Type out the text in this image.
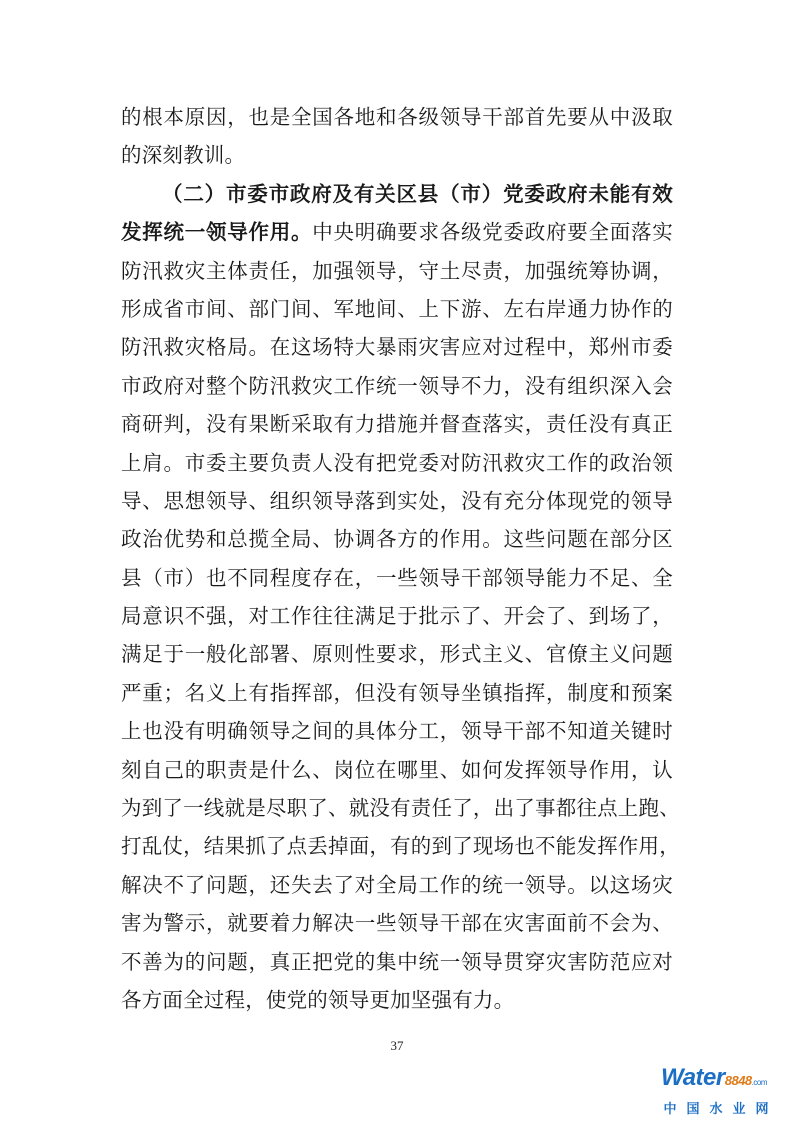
的根本原因，也是全国各地和各级领导干部首先要从中汲取
的深刻教训。
（二）市委市政府及有关区县（市）党委政府未能有效
发挥统一领导作用。中央明确要求各级党委政府要全面落实
防汛救灾主体责任，加强领导，守土尽责，加强统筹协调，
形成省市间、部门间、军地间、上下游、左右岸通力协作的
防汛救灾格局。在这场特大暴雨灾害应对过程中，郑州市委
市政府对整个防汛救灾工作统一领导不力，没有组织深入会
商研判，没有果断采取有力措施并督查落实，责任没有真正
上肩。市委主要负责人没有把党委对防汛救灾工作的政治领
导、思想领导、组织领导落到实处，没有充分体现党的领导
政治优势和总揽全局、协调各方的作用。这些问题在部分区
县（市）也不同程度存在，一些领导干部领导能力不足、全
局意识不强，对工作往往满足于批示了、开会了、到场了，
满足于一般化部署、原则性要求，形式主义、官僚主义问题
严重；名义上有指挥部，但没有领导坐镇指挥，制度和预案
上也没有明确领导之间的具体分工，领导干部不知道关键时
刻自己的职责是什么、岗位在哪里、如何发挥领导作用，认
为到了一线就是尽职了、就没有责任了，出了事都往点上跑、
打乱仗，结果抓了点丢掉面，有的到了现场也不能发挥作用，
解决不了问题，还失去了对全局工作的统一领导。以这场灾
害为警示，就要着力解决一些领导干部在灾害面前不会为、
不善为的问题，真正把党的集中统一领导贯穿灾害防范应对
各方面全过程，使党的领导更加坚强有力。
37
Water8848.com
中国水业网
